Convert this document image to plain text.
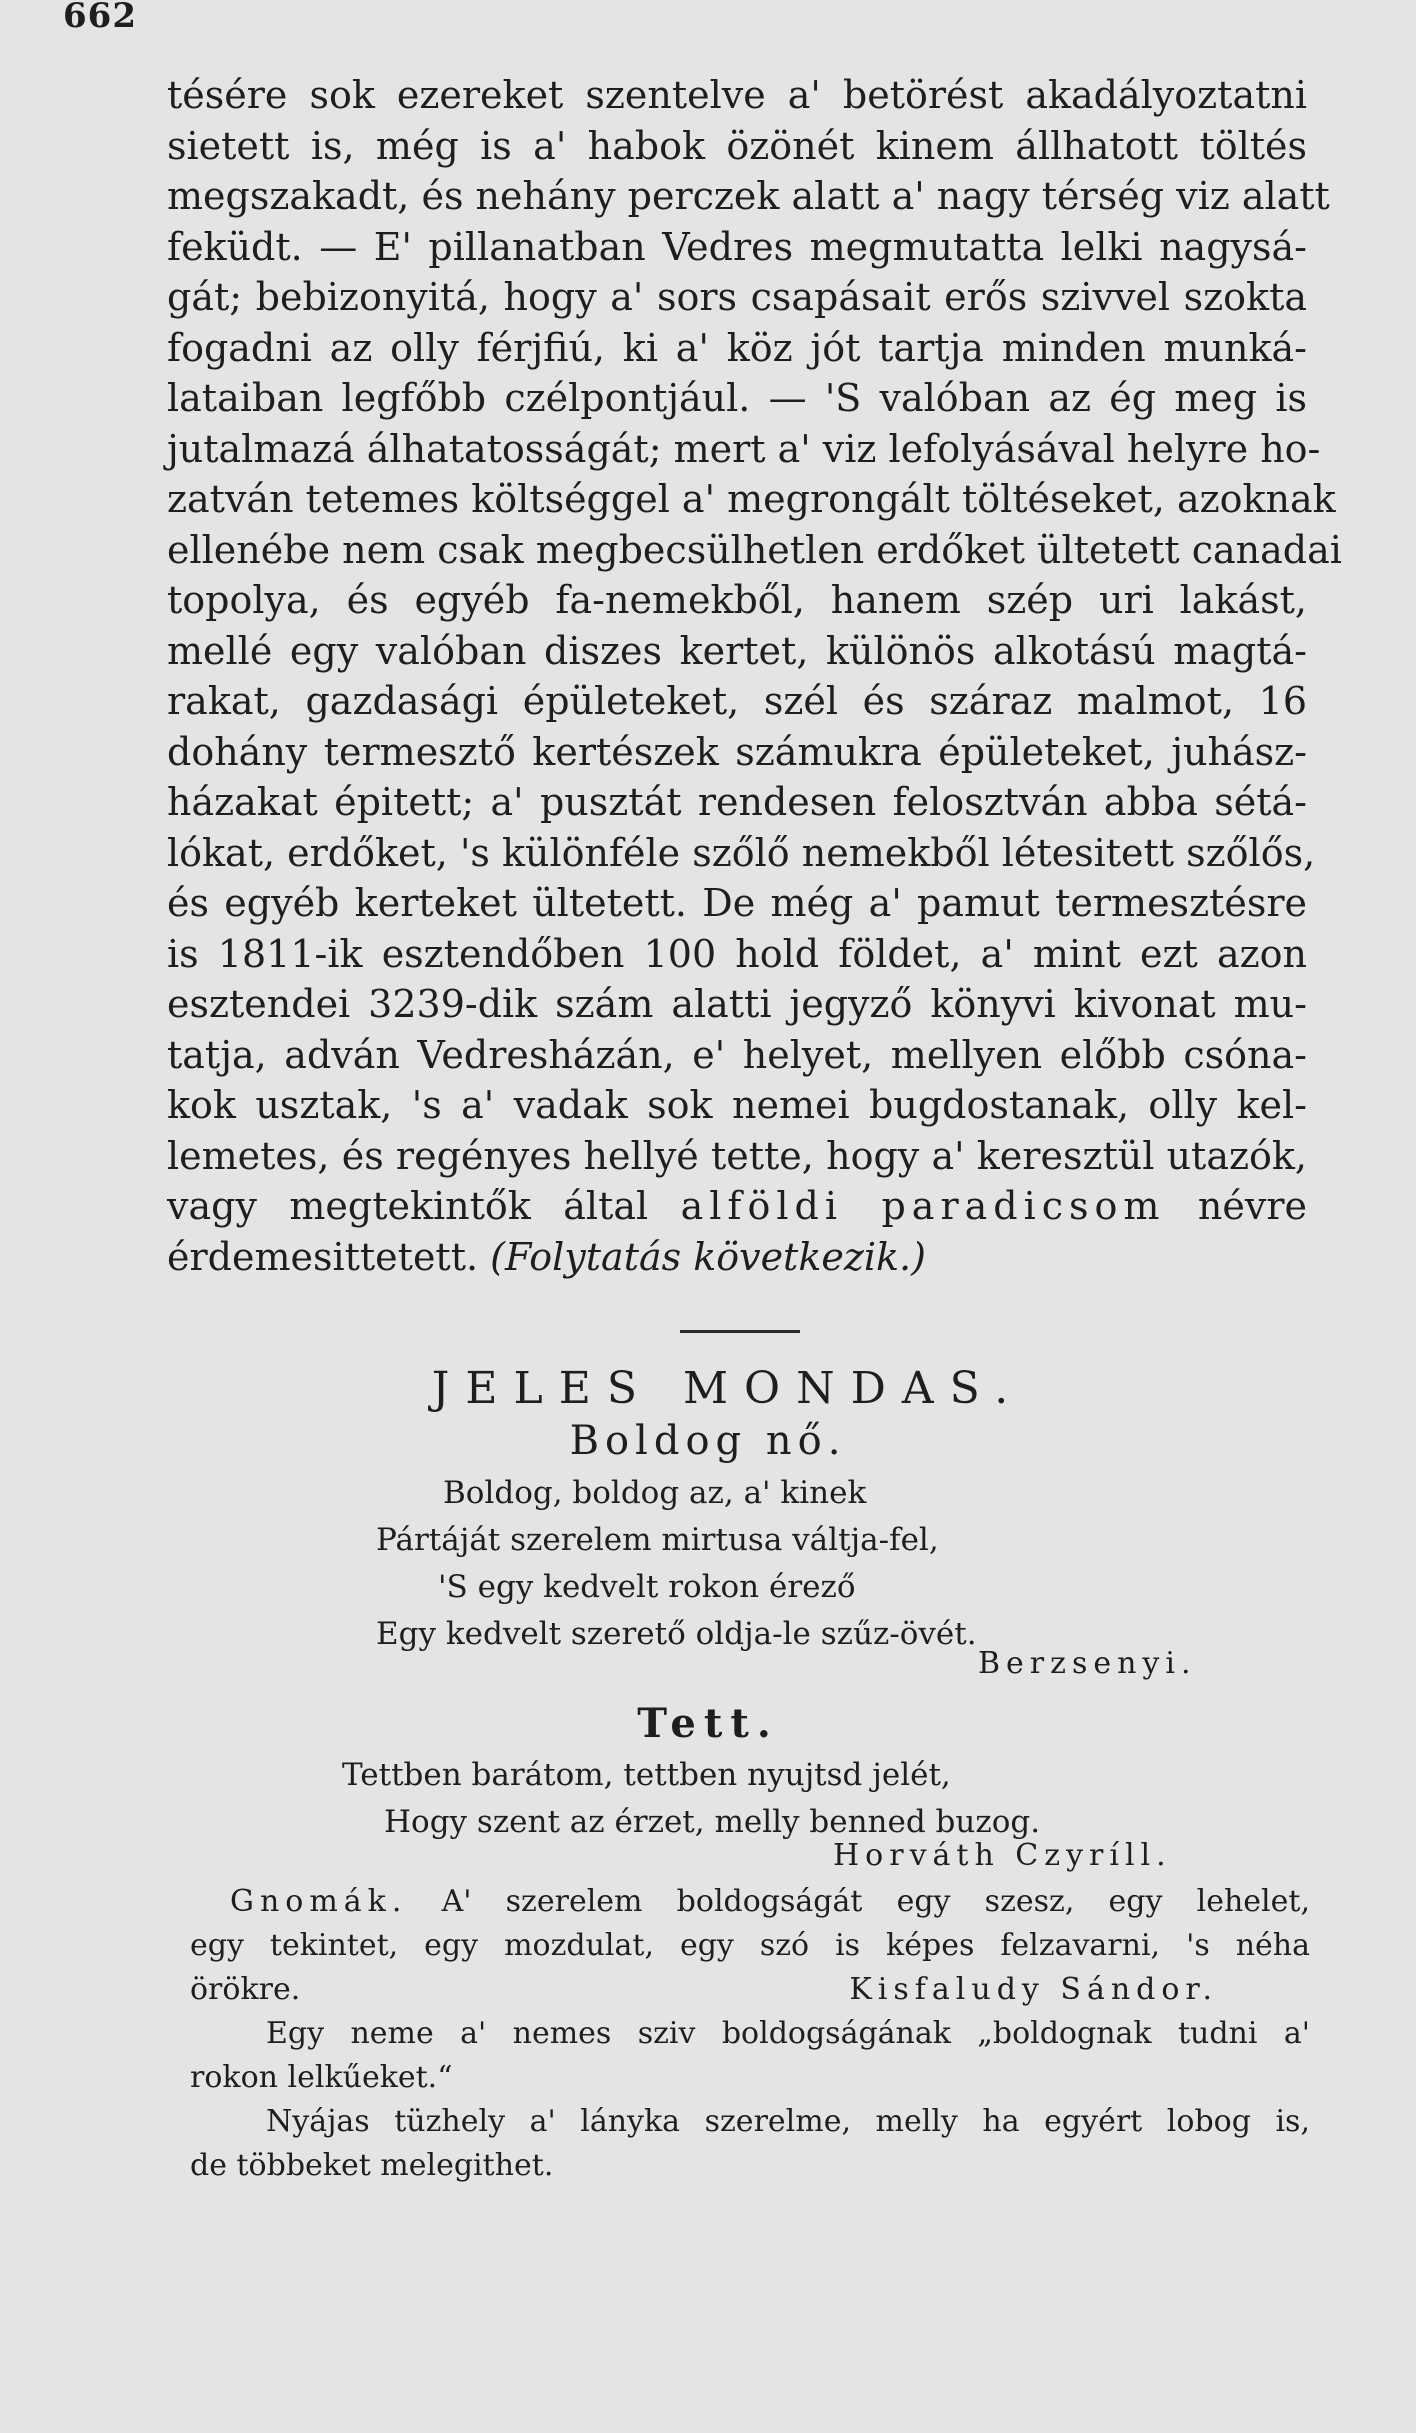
662

tésére sok ezereket szentelve a' betörést akadályoztatni
sietett is, még is a' habok özönét kinem állhatott töltés
megszakadt, és nehány perczek alatt a' nagy térség viz alatt
feküdt. — E' pillanatban Vedres megmutatta lelki nagysá-
gát; bebizonyitá, hogy a' sors csapásait erős szivvel szokta
fogadni az olly férjfiú, ki a' köz jót tartja minden munká-
lataiban legfőbb czélpontjául. — 'S valóban az ég meg is
jutalmazá álhatatosságát; mert a' viz lefolyásával helyre ho-
zatván tetemes költséggel a' megrongált töltéseket, azoknak
ellenébe nem csak megbecsülhetlen erdőket ültetett canadai
topolya, és egyéb fa-nemekből, hanem szép uri lakást,
mellé egy valóban diszes kertet, különös alkotású magtá-
rakat, gazdasági épületeket, szél és száraz malmot, 16
dohány termesztő kertészek számukra épületeket, juhász-
házakat épitett; a' pusztát rendesen felosztván abba sétá-
lókat, erdőket, 's különféle szőlő nemekből létesitett szőlős,
és egyéb kerteket ültetett. De még a' pamut termesztésre
is 1811-ik esztendőben 100 hold földet, a' mint ezt azon
esztendei 3239-dik szám alatti jegyző könyvi kivonat mu-
tatja, adván Vedresházán, e' helyet, mellyen előbb csóna-
kok usztak, 's a' vadak sok nemei bugdostanak, olly kel-
lemetes, és regényes hellyé tette, hogy a' keresztül utazók,
vagy megtekintők által alföldi paradicsom névre
érdemesittetett. (Folytatás következik.)

JELES MONDAS.
Boldog nő.
Boldog, boldog az, a' kinek
Pártáját szerelem mirtusa váltja-fel,
'S egy kedvelt rokon érező
Egy kedvelt szerető oldja-le szűz-övét.
Berzsenyi.
Tett.
Tettben barátom, tettben nyujtsd jelét,
Hogy szent az érzet, melly benned buzog.
Horváth Czyríll.
Gnomák. A' szerelem boldogságát egy szesz, egy lehelet,
egy tekintet, egy mozdulat, egy szó is képes felzavarni, 's néha
örökre.	Kisfaludy Sándor.
Egy neme a' nemes sziv boldogságának „boldognak tudni a'
rokon lelkűeket.“
Nyájas tüzhely a' lányka szerelme, melly ha egyért lobog is,
de többeket melegithet.
